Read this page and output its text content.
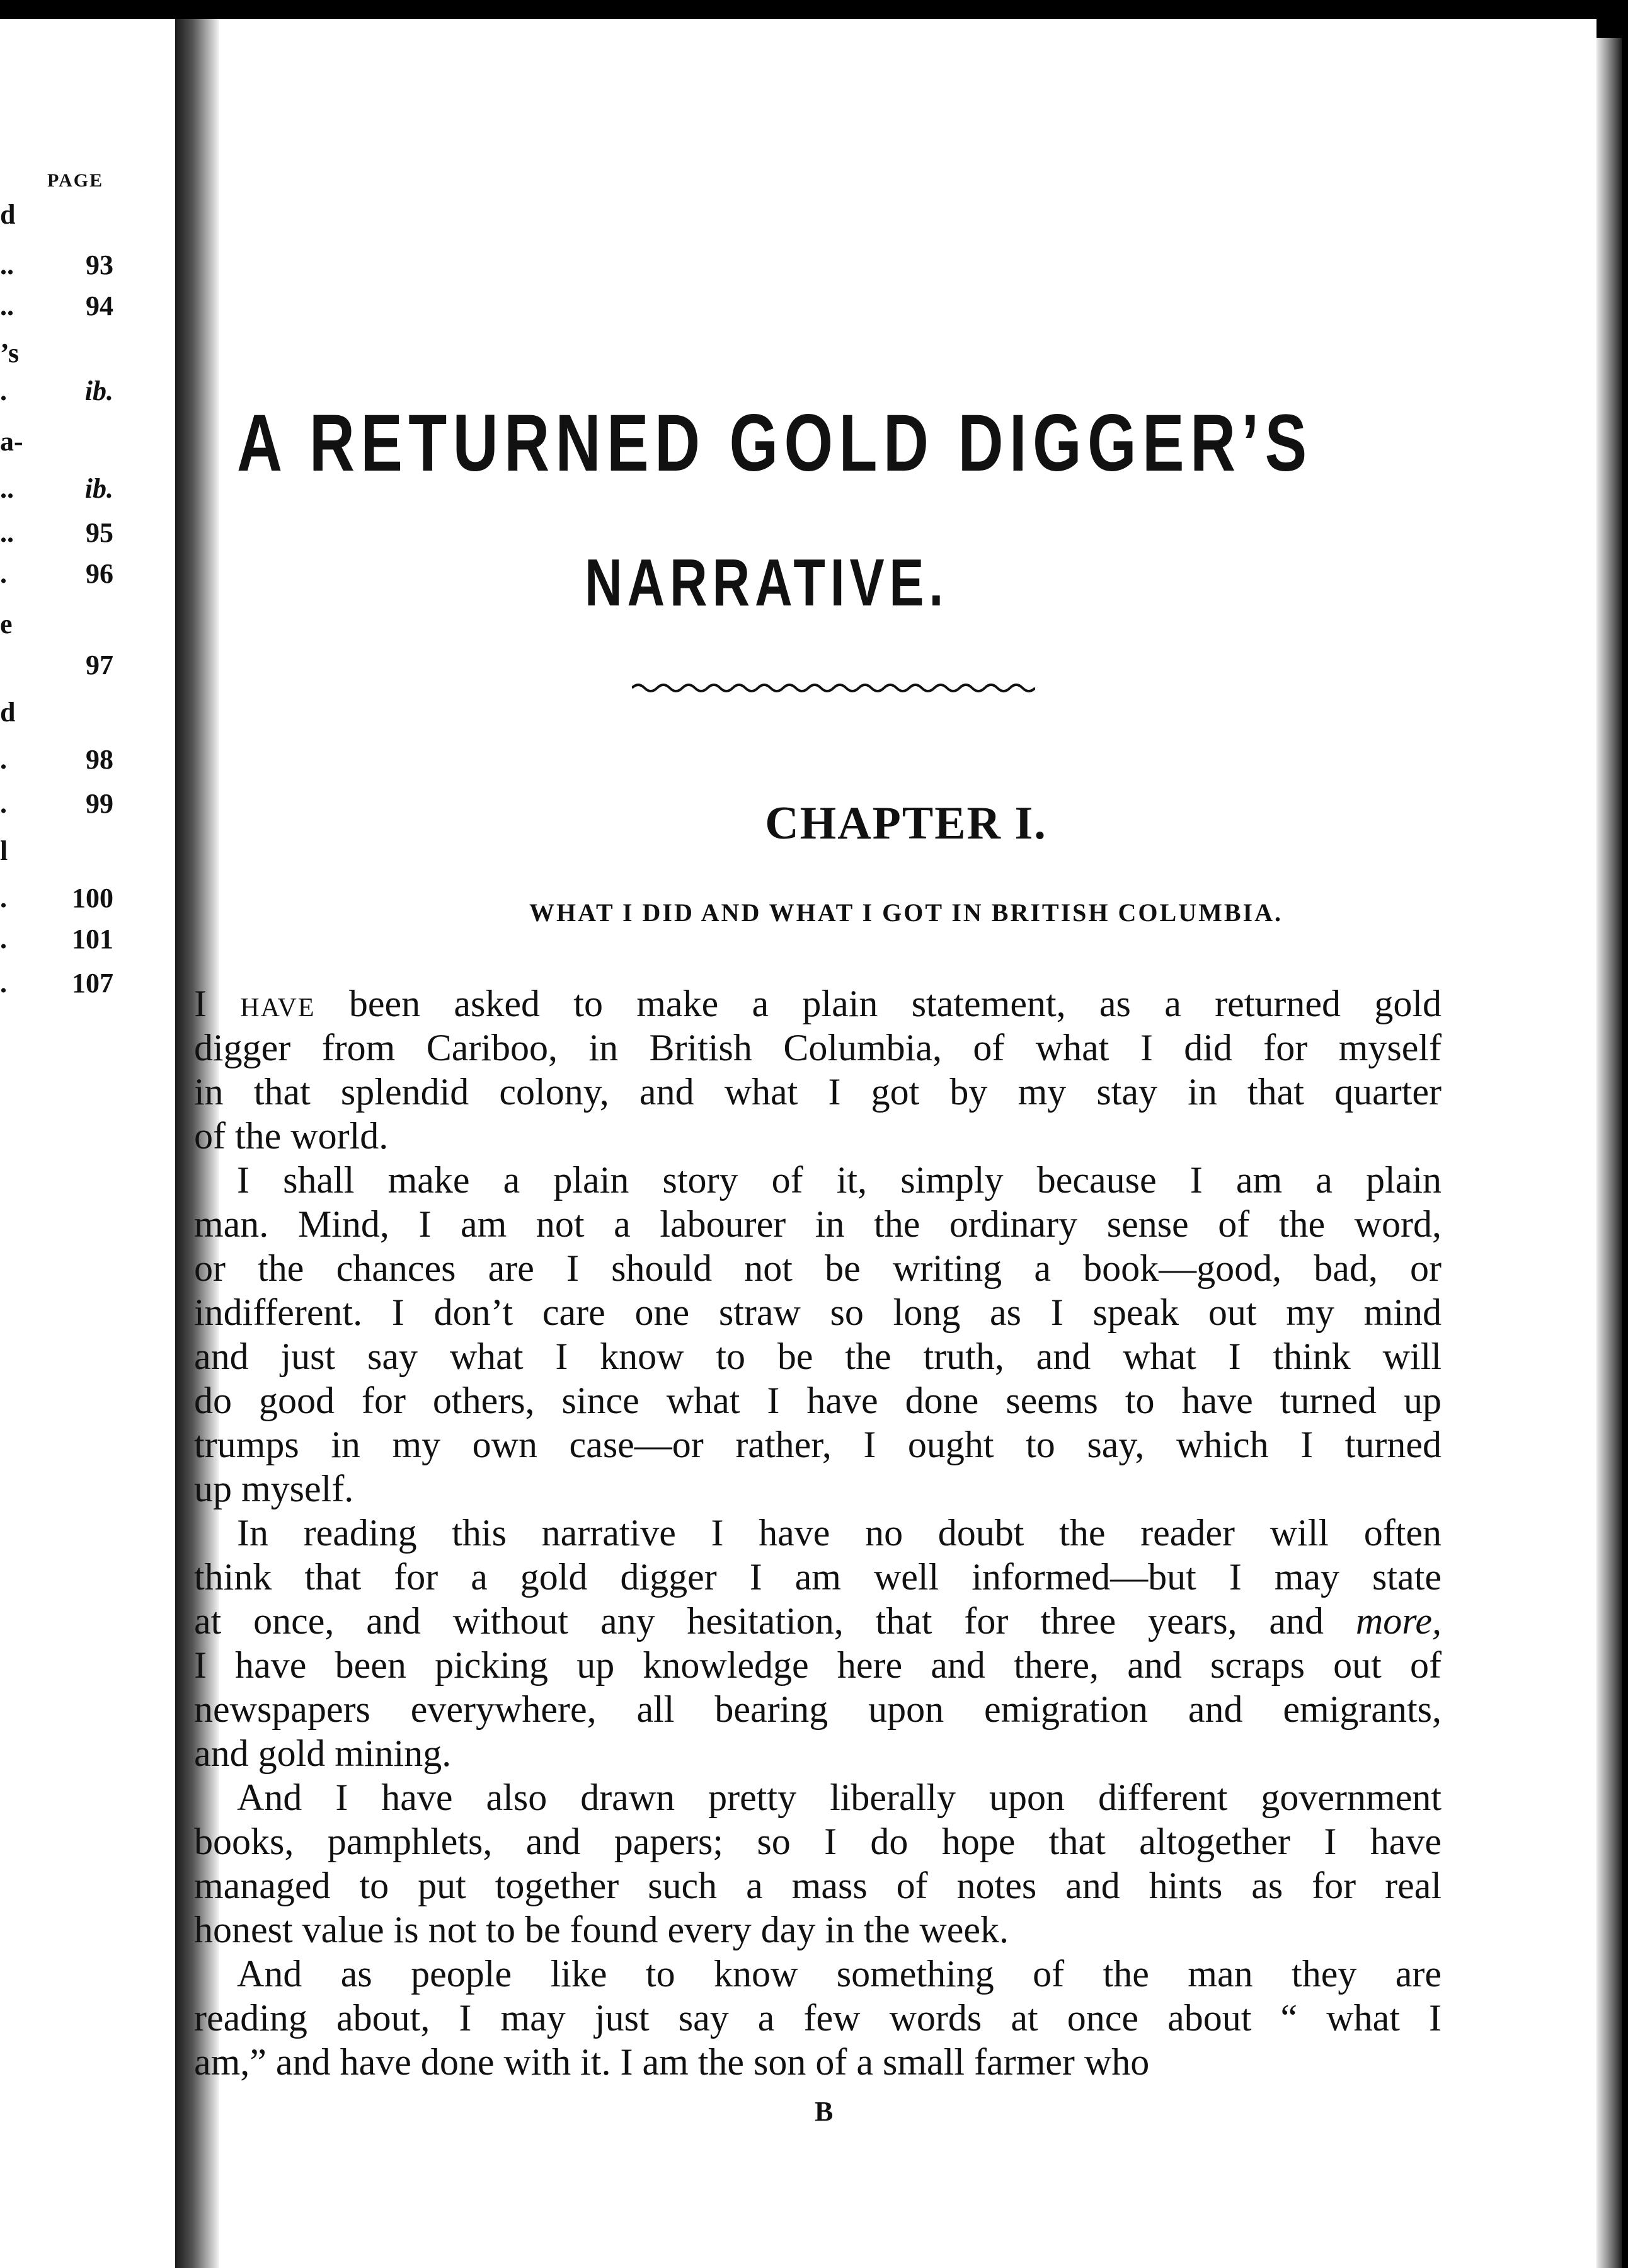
PAGE
d
..	93
..	94
’s
.	ib.
a-
..	ib.
..	95
.	96
e
97
d
.	98
.	99
l
. 100
. 101
. 107
A RETURNED GOLD DIGGER’S
NARRATIVE.
CHAPTER I.
WHAT I DID AND WHAT I GOT IN BRITISH COLUMBIA.
I have been asked to make a plain statement, as a returned gold
digger from Cariboo, in British Columbia, of what I did for myself
in that splendid colony, and what I got by my stay in that quarter
of the world.
I shall make a plain story of it, simply because I am a plain
man. Mind, I am not a labourer in the ordinary sense of the word,
or the chances are I should not be writing a book—good, bad, or
indifferent. I don’t care one straw so long as I speak out my mind
and just say what I know to be the truth, and what I think will
do good for others, since what I have done seems to have turned up
trumps in my own case—or rather, I ought to say, which I turned
up myself.
In reading this narrative I have no doubt the reader will often
think that for a gold digger I am well informed—but I may state
at once, and without any hesitation, that for three years, and more,
I have been picking up knowledge here and there, and scraps out of
newspapers everywhere, all bearing upon emigration and emigrants,
and gold mining.
And I have also drawn pretty liberally upon different government
books, pamphlets, and papers; so I do hope that altogether I have
managed to put together such a mass of notes and hints as for real
honest value is not to be found every day in the week.
And as people like to know something of the man they are
reading about, I may just say a few words at once about “ what I
am,” and have done with it. I am the son of a small farmer who
B
